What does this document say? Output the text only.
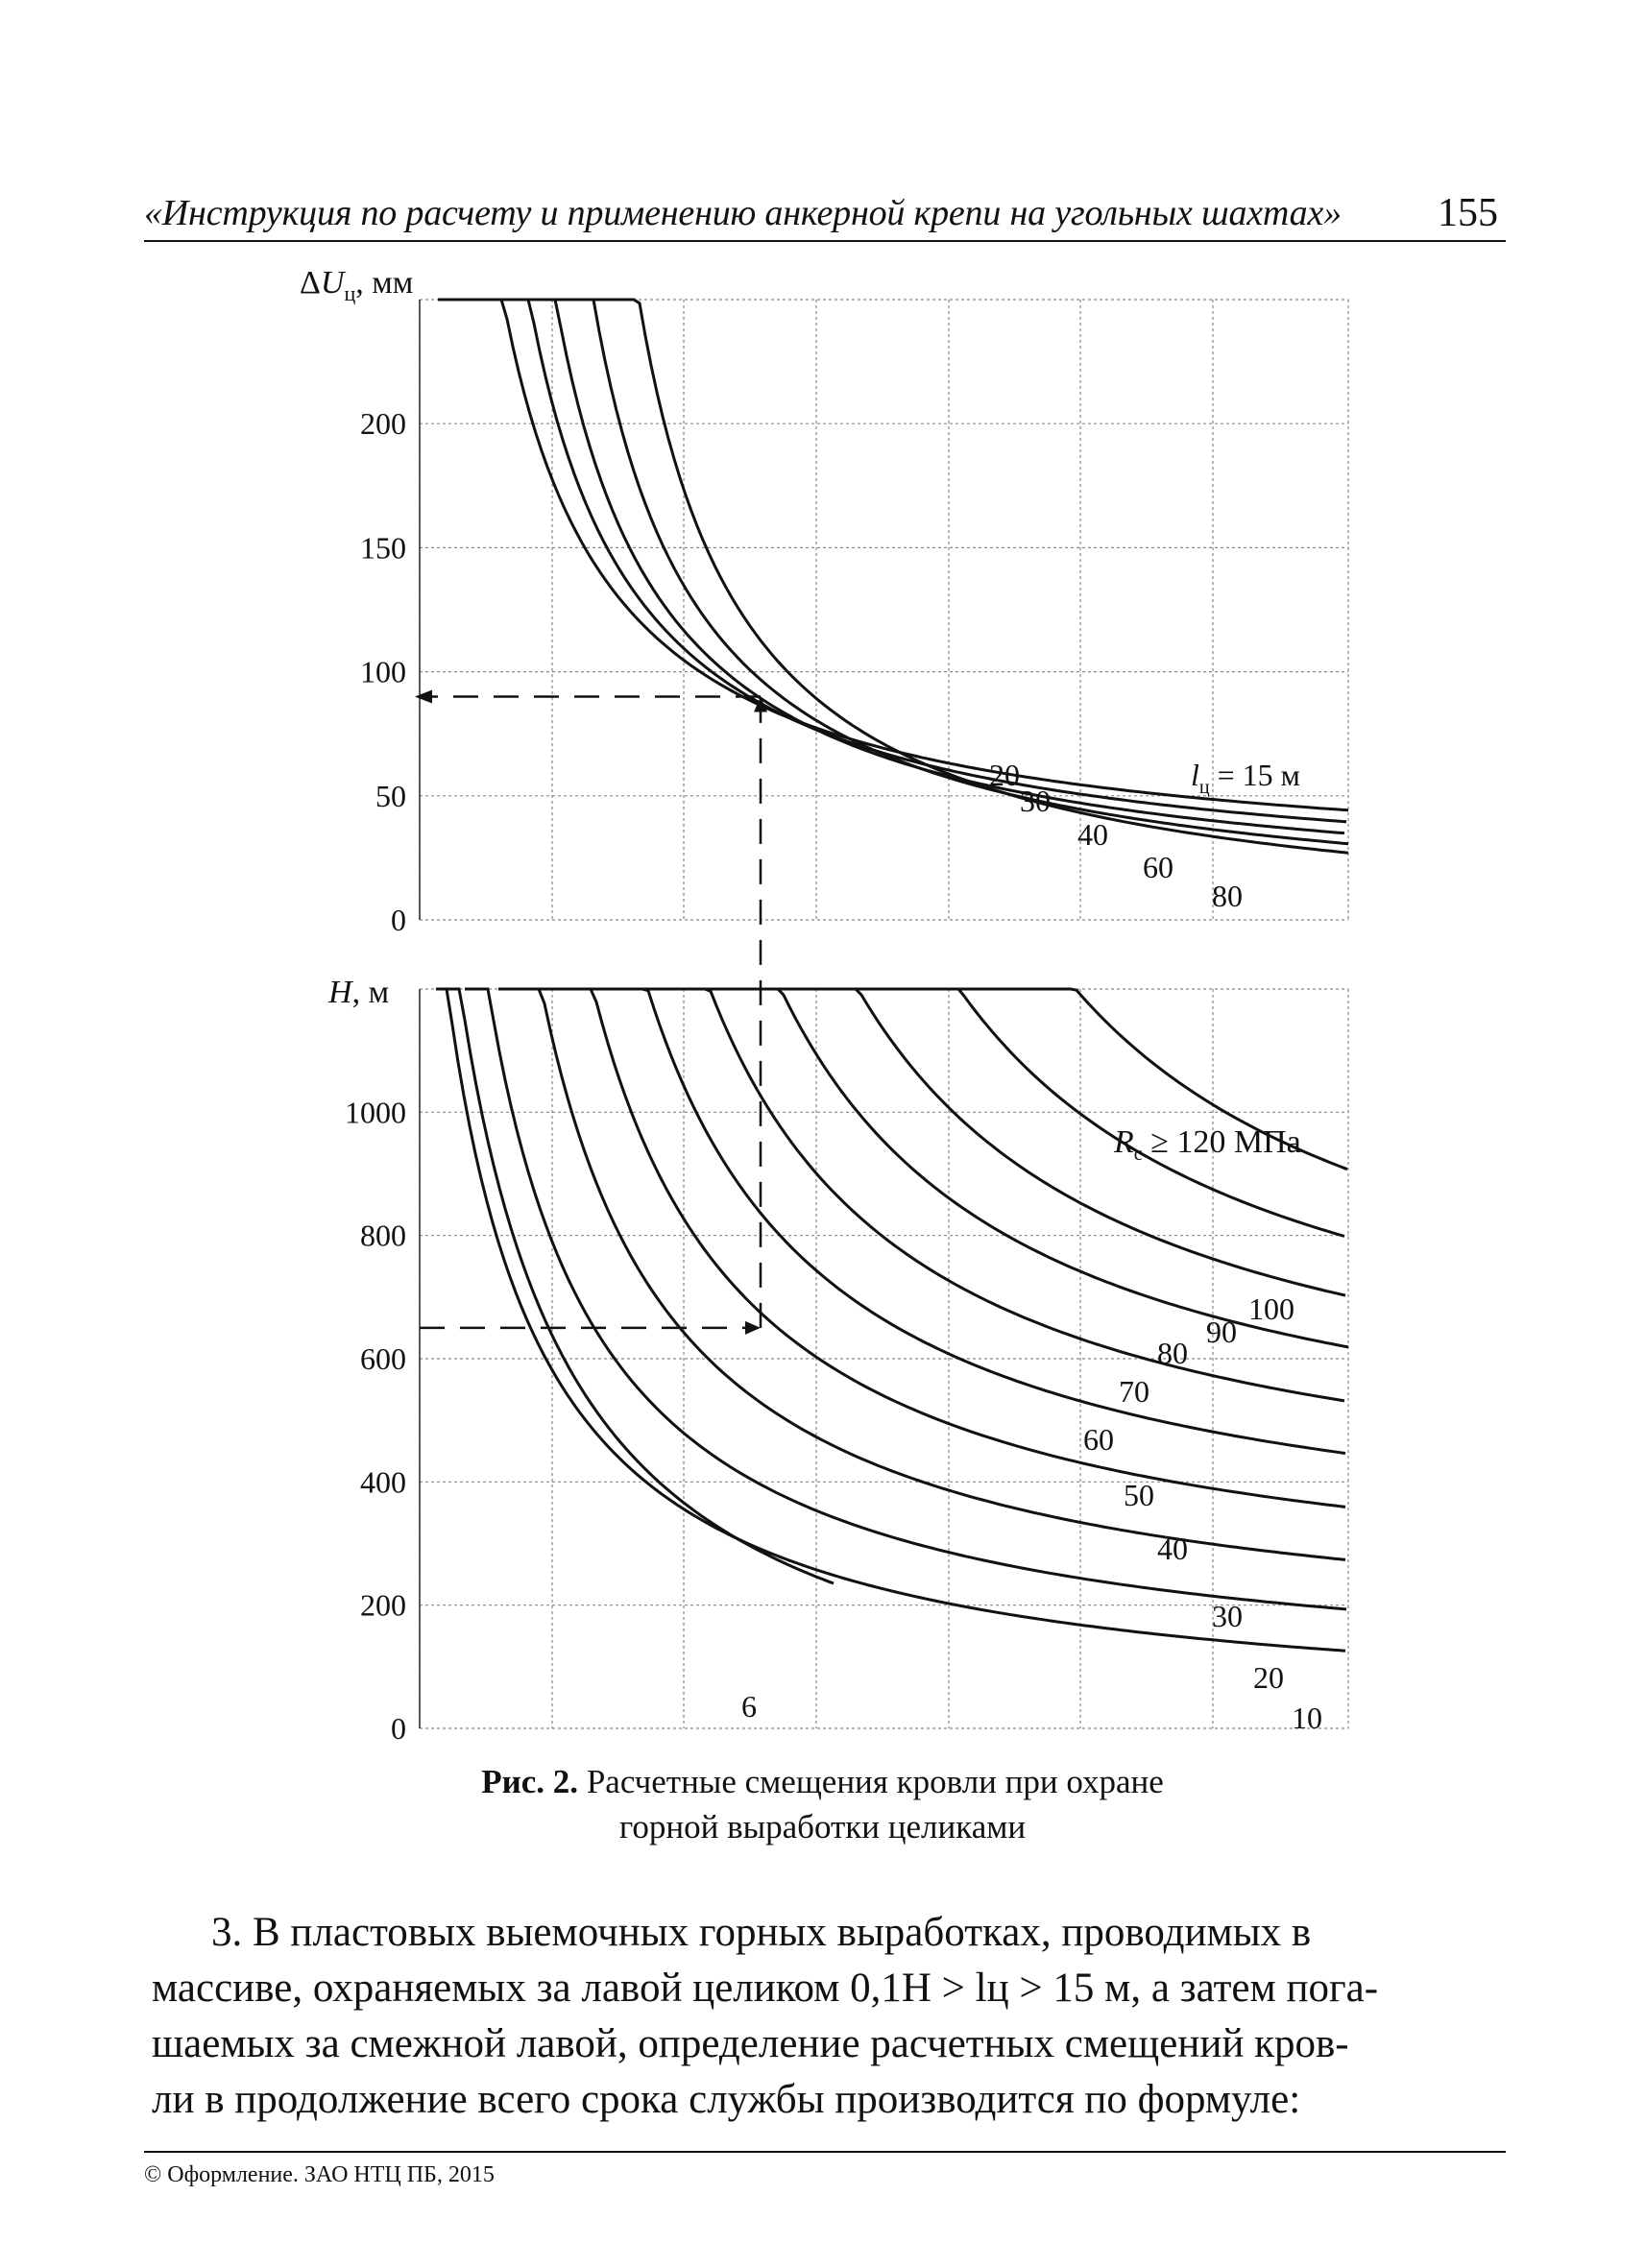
«Инструкция по расчету и применению анкерной крепи на угольных шахтах» 155
0
50
100
150
200
$\Delta U_ц$, мм
20
30
40
60
80
$l_ц = 15$ м
0
200
400
600
800
1000
H, м
6	10
20
30
40
50
60
70
80
90
100
$R_с \ge 120$ МПа
Рис. 2. Расчетные смещения кровли при охране
горной выработки целиками
3. В пластовых выемочных горных выработках, проводимых в
массиве, охраняемых за лавой целиком 0,1H > lц > 15 м, а затем пога-
шаемых за смежной лавой, определение расчетных смещений кров-
ли в продолжение всего срока службы производится по формуле:
© Оформление. ЗАО НТЦ ПБ, 2015
